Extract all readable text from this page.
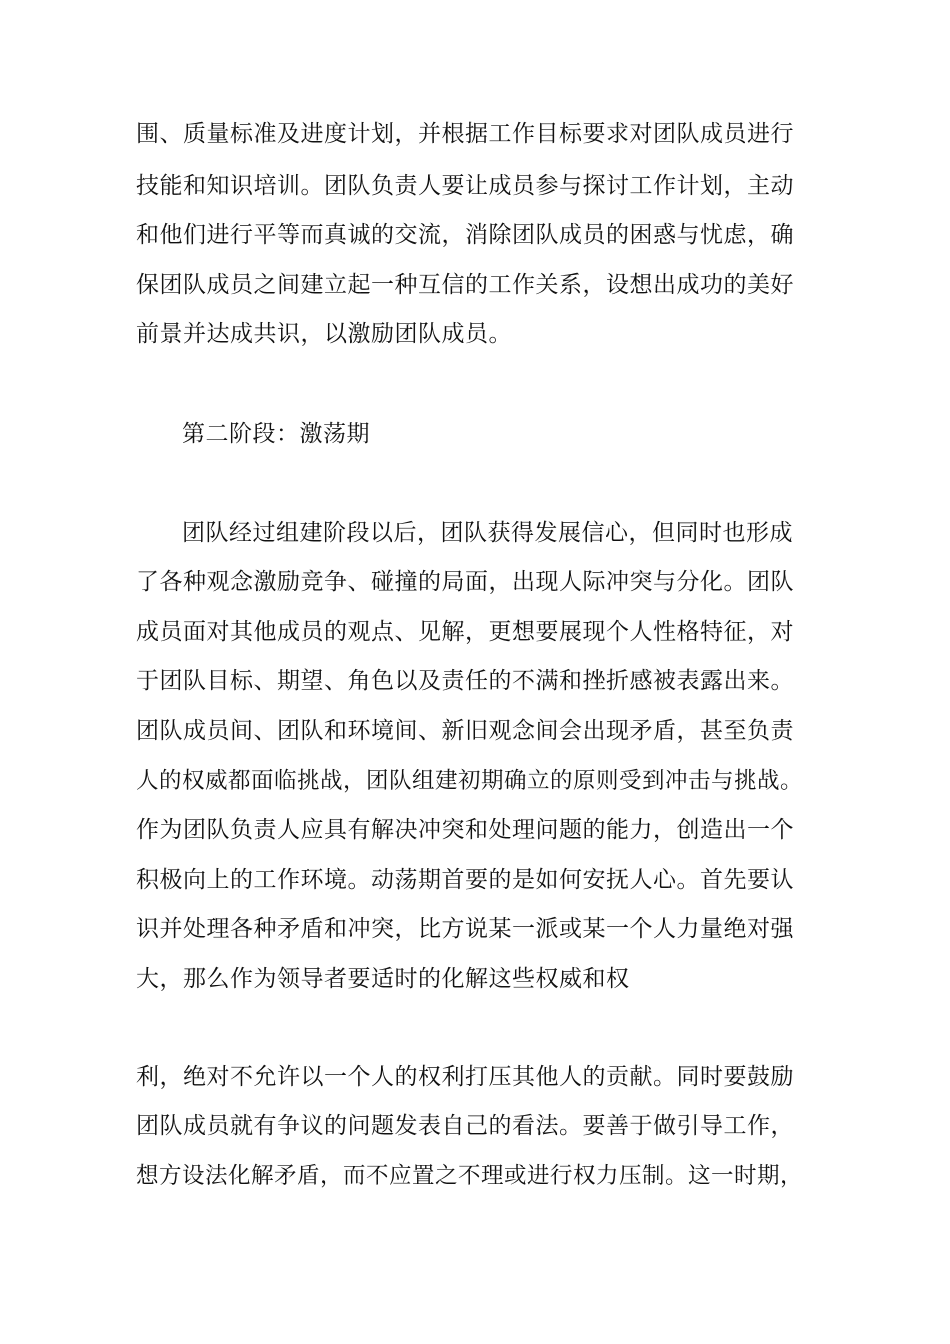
围、质量标准及进度计划，并根据工作目标要求对团队成员进行
技能和知识培训。团队负责人要让成员参与探讨工作计划，主动
和他们进行平等而真诚的交流，消除团队成员的困惑与忧虑，确
保团队成员之间建立起一种互信的工作关系，设想出成功的美好
前景并达成共识，以激励团队成员。
第二阶段：激荡期
团队经过组建阶段以后，团队获得发展信心，但同时也形成
了各种观念激励竞争、碰撞的局面，出现人际冲突与分化。团队
成员面对其他成员的观点、见解，更想要展现个人性格特征，对
于团队目标、期望、角色以及责任的不满和挫折感被表露出来。
团队成员间、团队和环境间、新旧观念间会出现矛盾，甚至负责
人的权威都面临挑战，团队组建初期确立的原则受到冲击与挑战。
作为团队负责人应具有解决冲突和处理问题的能力，创造出一个
积极向上的工作环境。动荡期首要的是如何安抚人心。首先要认
识并处理各种矛盾和冲突，比方说某一派或某一个人力量绝对强
大，那么作为领导者要适时的化解这些权威和权
利，绝对不允许以一个人的权利打压其他人的贡献。同时要鼓励
团队成员就有争议的问题发表自己的看法。要善于做引导工作，
想方设法化解矛盾，而不应置之不理或进行权力压制。这一时期，
